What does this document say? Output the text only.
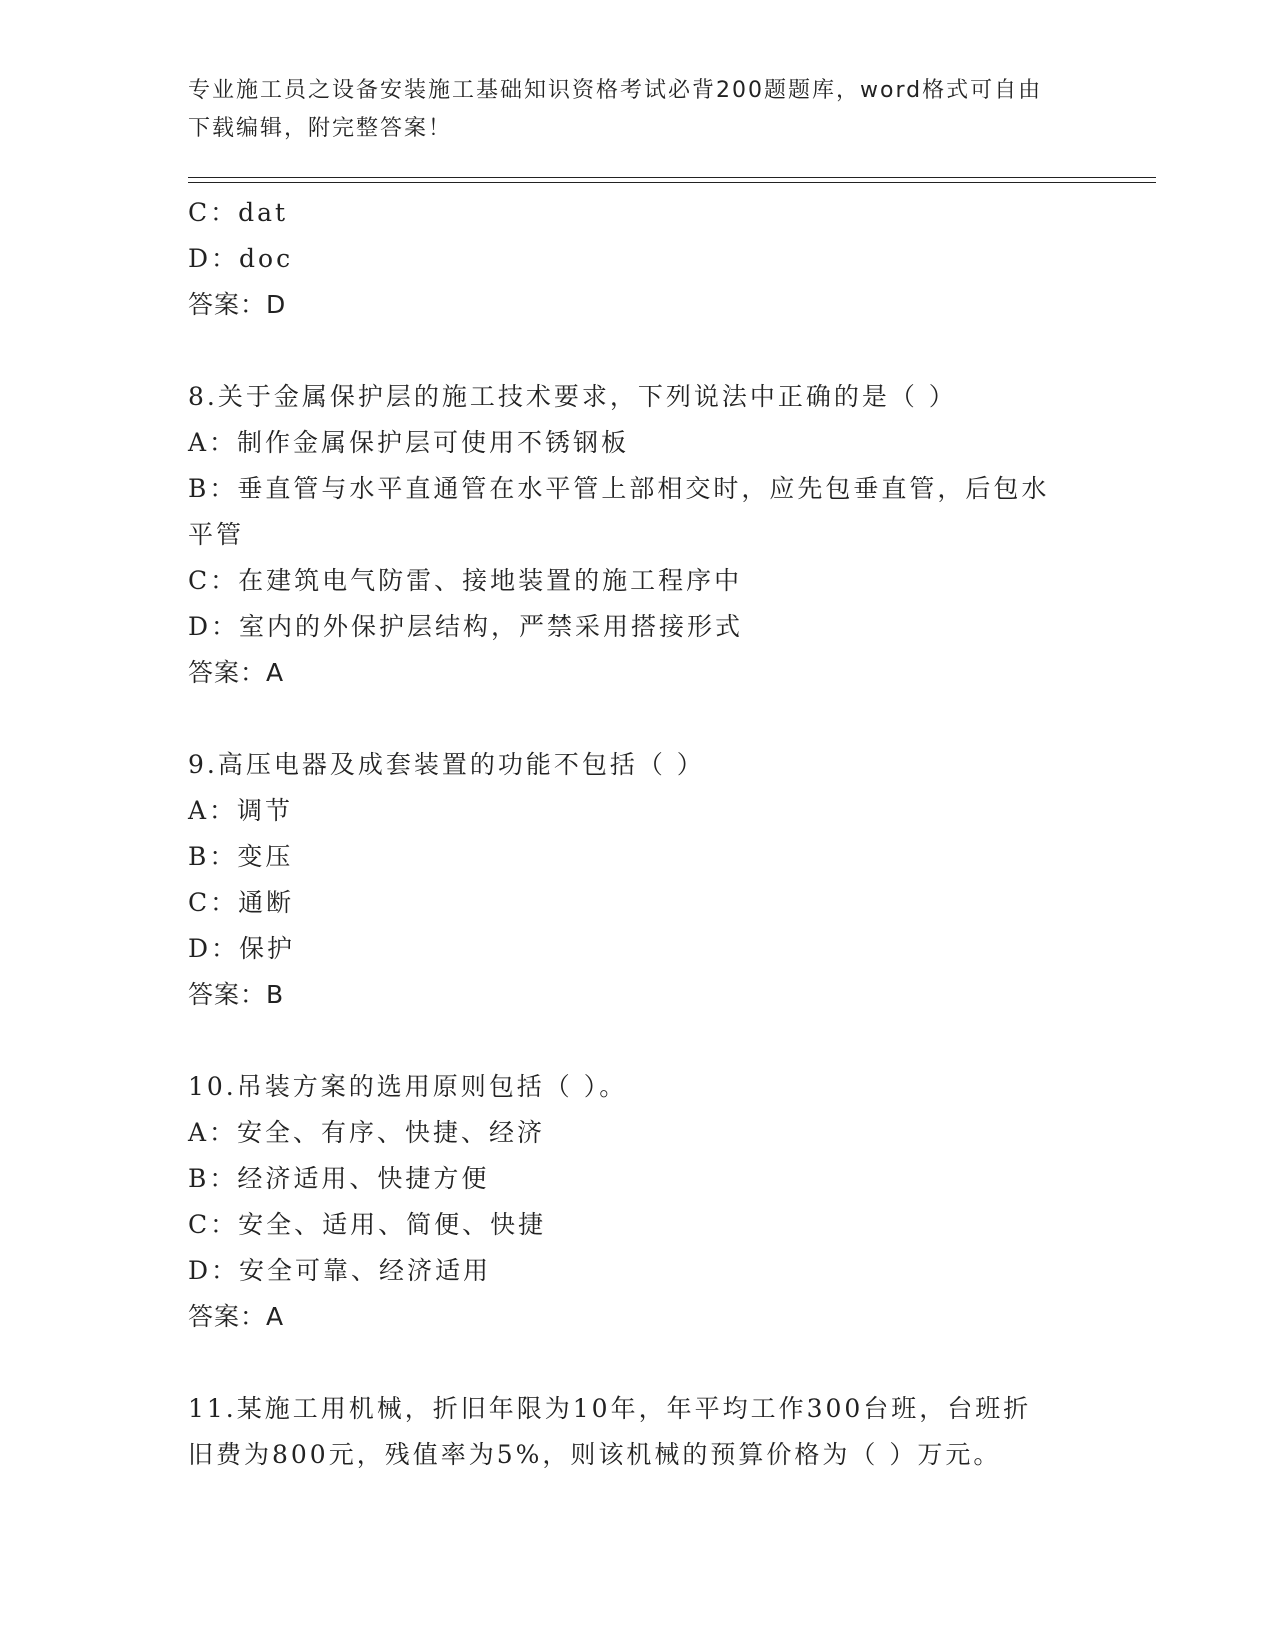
专业施工员之设备安装施工基础知识资格考试必背200题题库，word格式可自由
下载编辑，附完整答案！
C：dat
D：doc
答案：D
8.关于金属保护层的施工技术要求，下列说法中正确的是（ ）
A：制作金属保护层可使用不锈钢板
B：垂直管与水平直通管在水平管上部相交时，应先包垂直管，后包水
平管
C：在建筑电气防雷、接地装置的施工程序中
D：室内的外保护层结构，严禁采用搭接形式
答案：A
9.高压电器及成套装置的功能不包括（ ）
A：调节
B：变压
C：通断
D：保护
答案：B
10.吊装方案的选用原则包括（ ）。
A：安全、有序、快捷、经济
B：经济适用、快捷方便
C：安全、适用、简便、快捷
D：安全可靠、经济适用
答案：A
11.某施工用机械，折旧年限为10年，年平均工作300台班，台班折
旧费为800元，残值率为5%，则该机械的预算价格为（ ）万元。
